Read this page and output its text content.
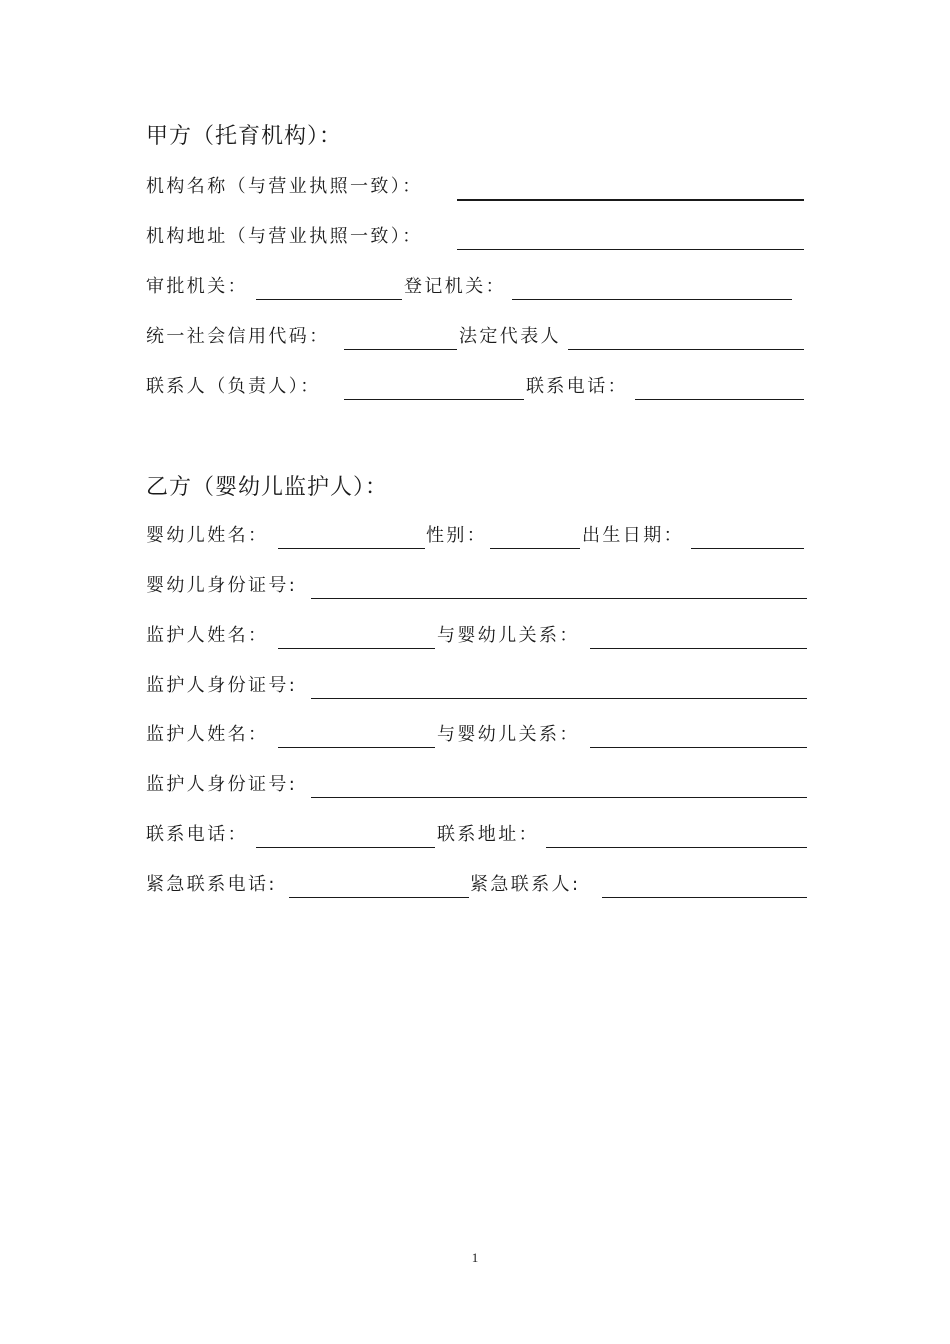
甲方（托育机构）：
机构名称（与营业执照一致）：
机构地址（与营业执照一致）：
审批机关：	登记机关：
统一社会信用代码：	法定代表人
联系人（负责人）：	联系电话：
乙方（婴幼儿监护人）：
婴幼儿姓名：	性别：	出生日期：
婴幼儿身份证号:
监护人姓名：	与婴幼儿关系：
监护人身份证号:
监护人姓名：	与婴幼儿关系：
监护人身份证号:
联系电话：	联系地址：
紧急联系电话:	紧急联系人:
1
